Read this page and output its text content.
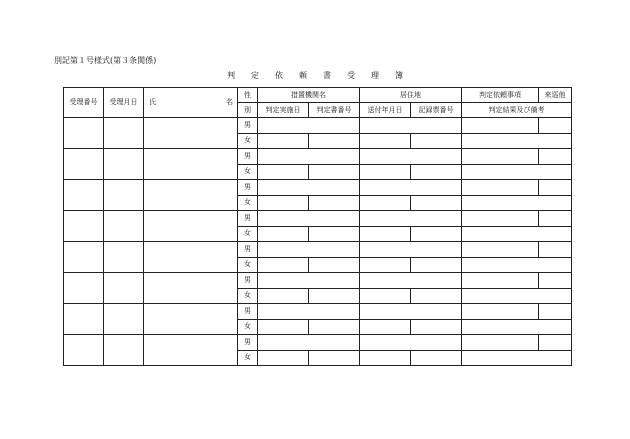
別記第１号様式(第３条関係)
判　　定　　依　　頼　　書　　受　　理　　簿
受理番号	受理月日	氏 名	性	措置機関名		居住地		判定依頼事項	来巡他
			別	判定実施日	判定書番号	送付年月日	記録票番号	判定結果及び備考	
			男						
			女						
			男						
			女						
			男						
			女						
			男						
			女						
			男						
			女						
			男						
			女						
			男						
			女						
			男						
			女						
